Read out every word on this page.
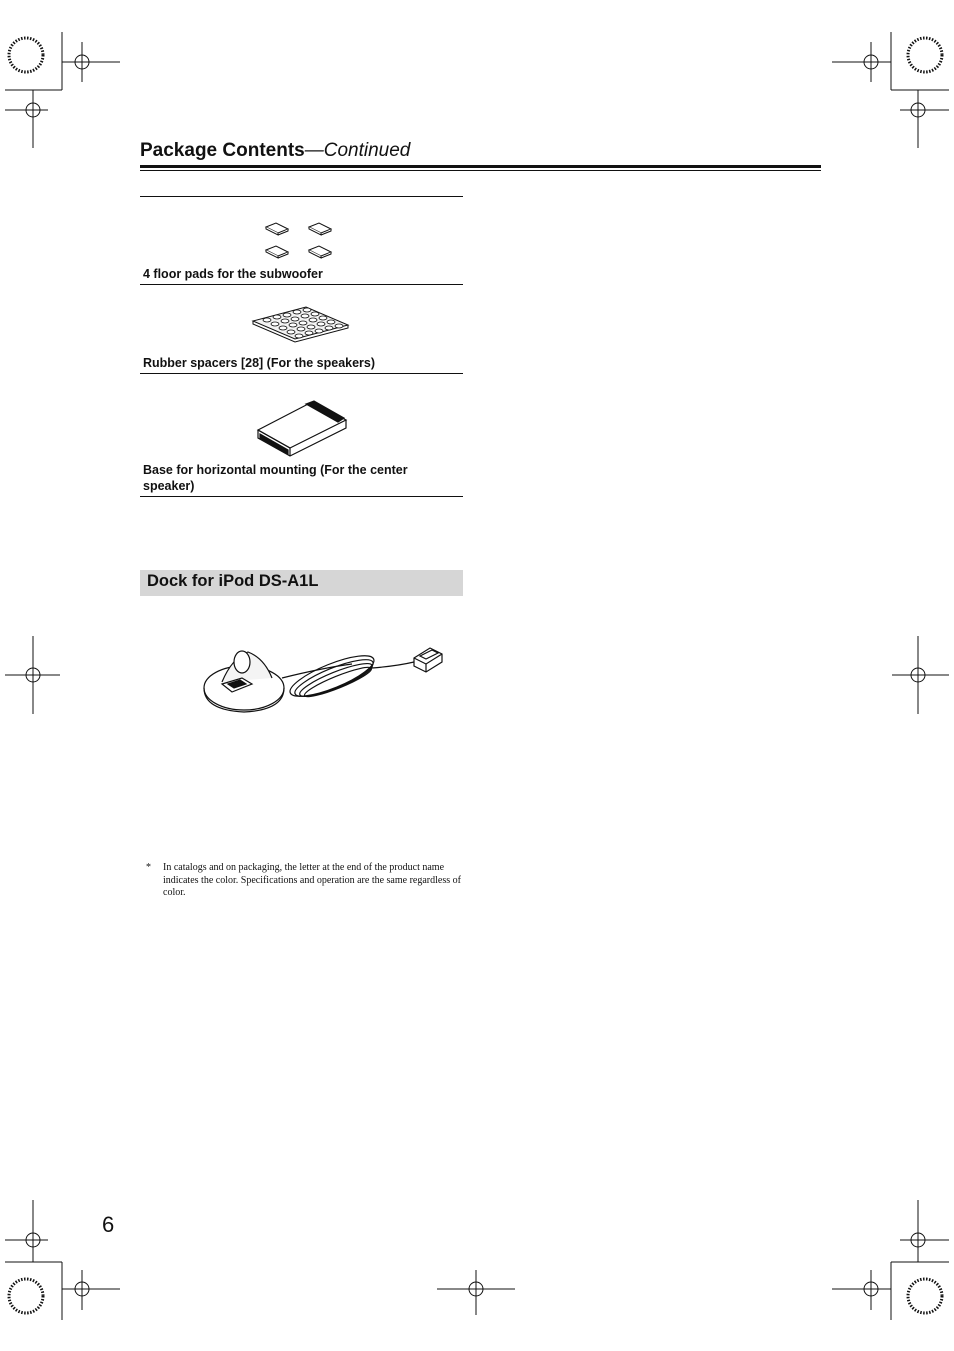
Package Contents—Continued
4 floor pads for the subwoofer
Rubber spacers [28] (For the speakers)
Base for horizontal mounting (For the center speaker)
Dock for iPod DS-A1L
* In catalogs and on packaging, the letter at the end of the product name indicates the color. Specifications and operation are the same regardless of color.
6
